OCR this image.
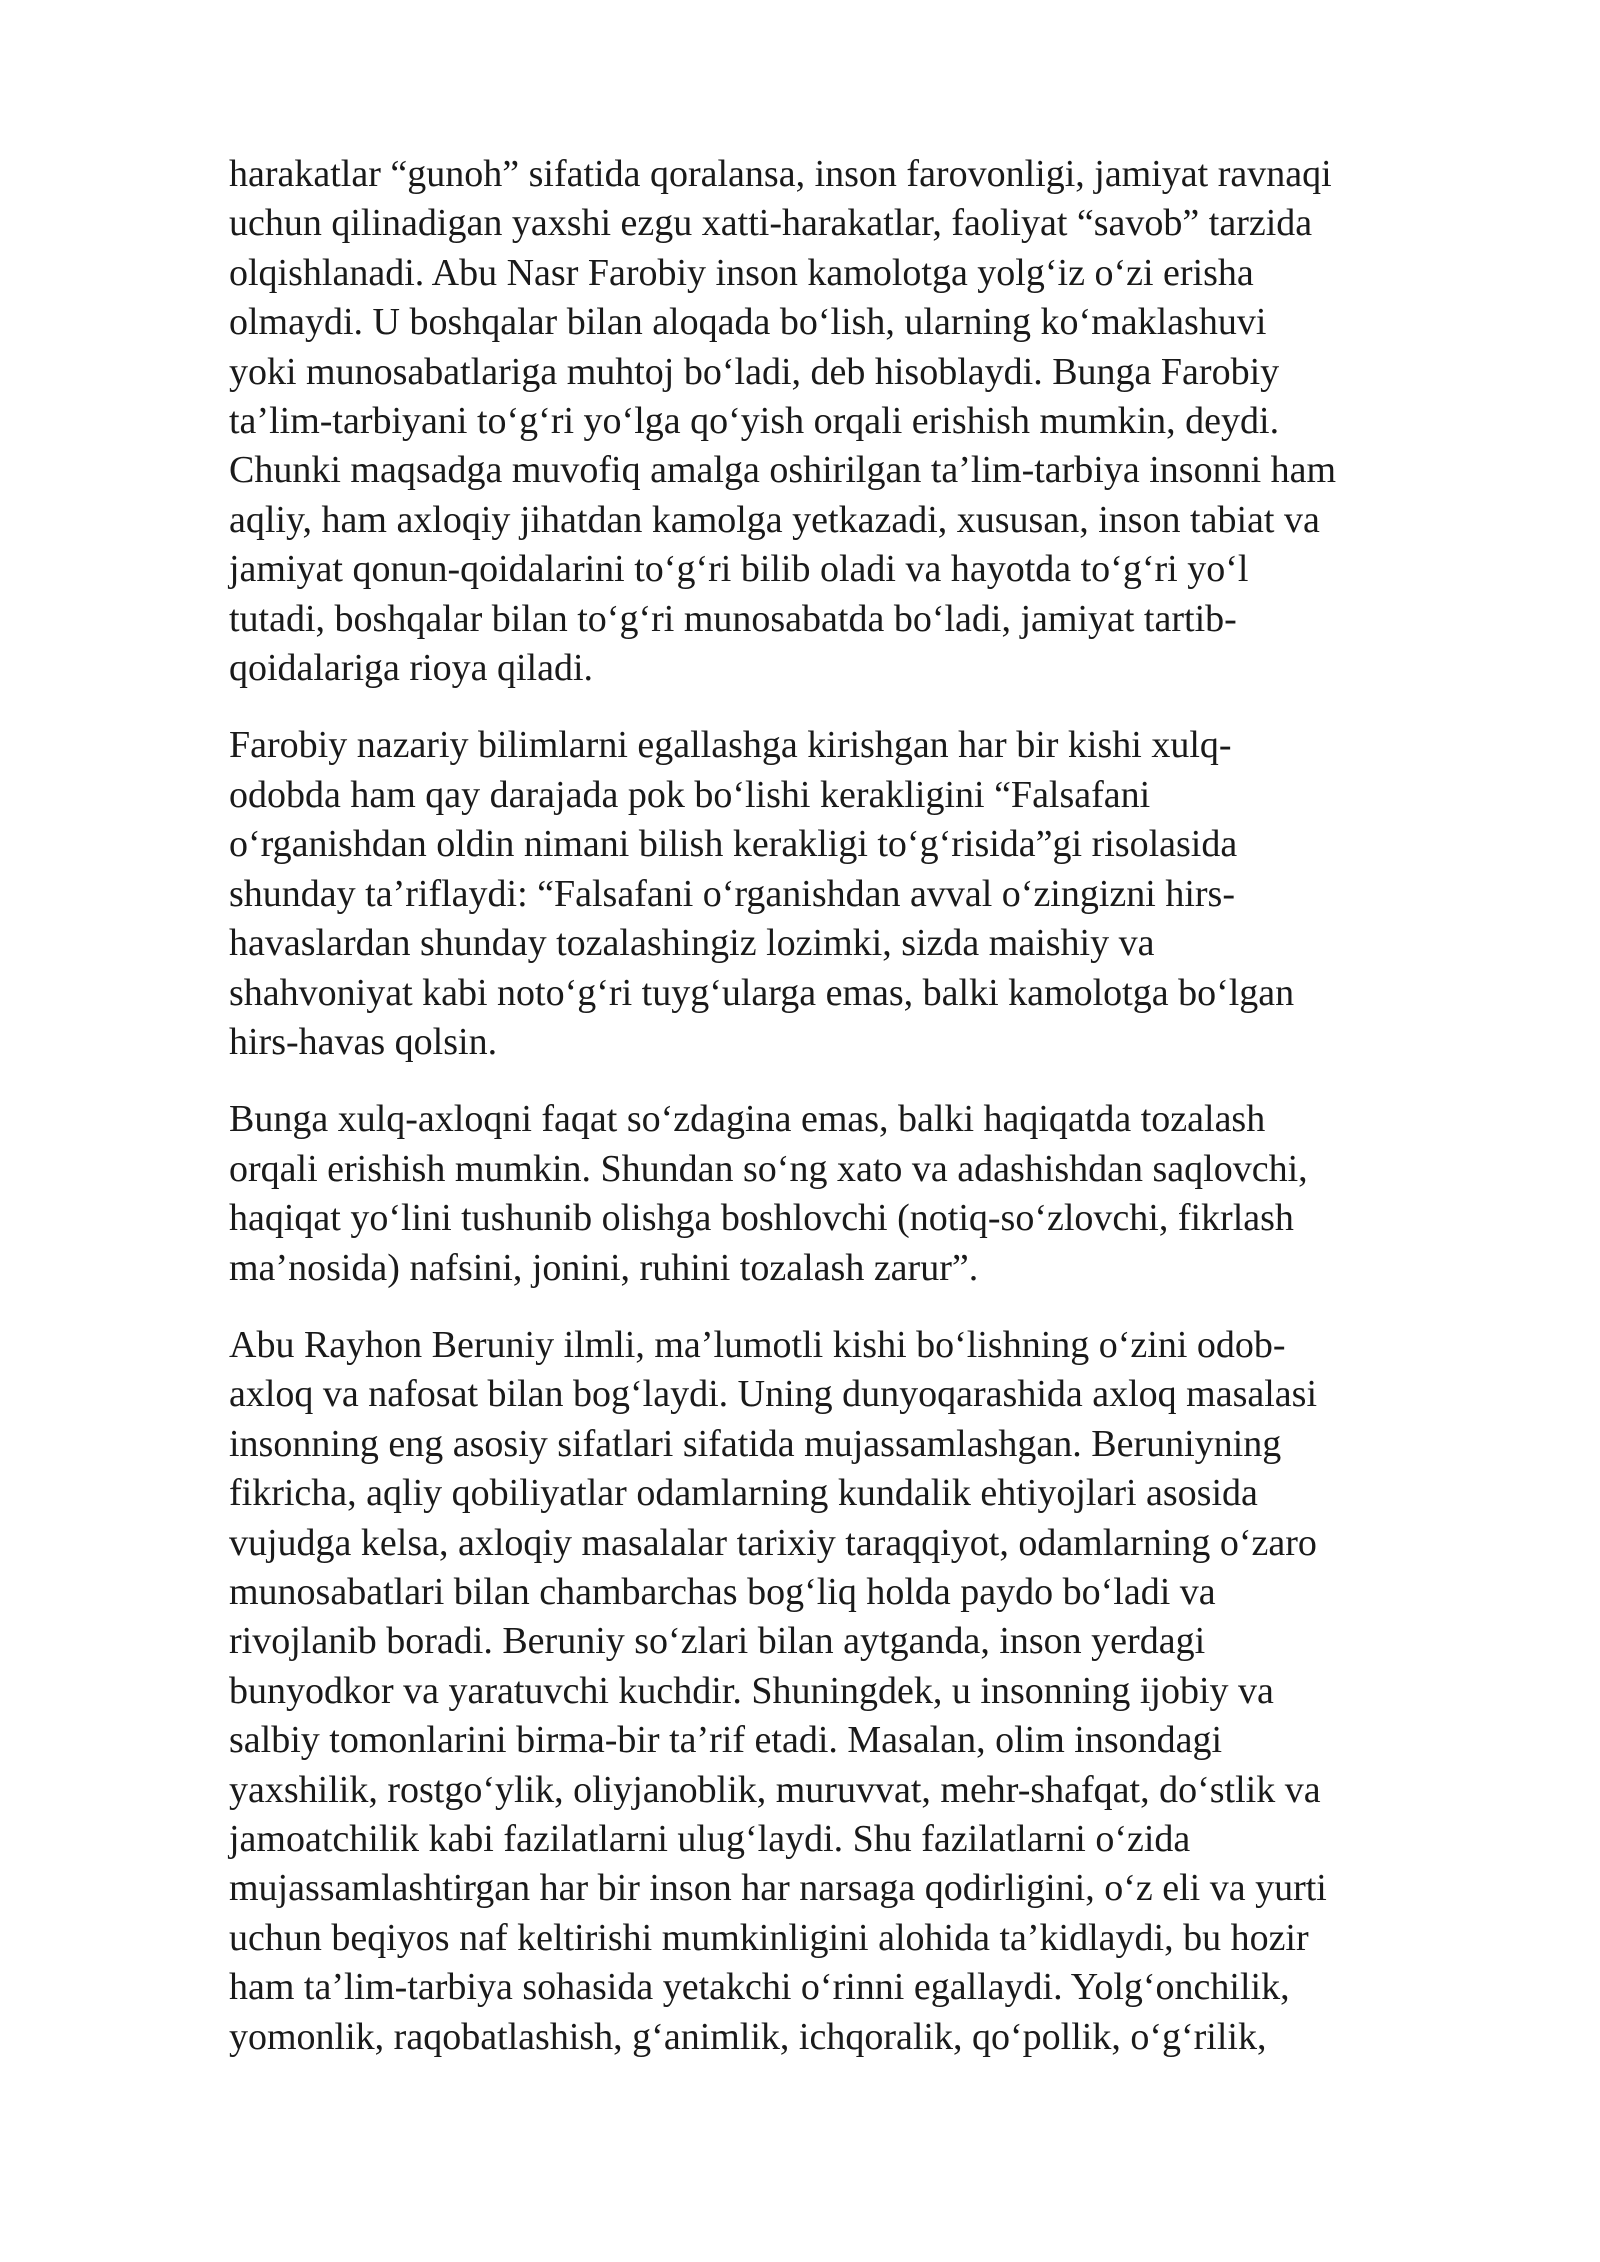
harakatlar “gunoh” sifatida qoralansa, inson farovonligi, jamiyat ravnaqi
uchun qilinadigan yaxshi ezgu xatti-harakatlar, faoliyat “savob” tarzida
olqishlanadi. Abu Nasr Farobiy inson kamolotga yolg‘iz o‘zi erisha
olmaydi. U boshqalar bilan aloqada bo‘lish, ularning ko‘maklashuvi
yoki munosabatlariga muhtoj bo‘ladi, deb hisoblaydi. Bunga Farobiy
ta’lim-tarbiyani to‘g‘ri yo‘lga qo‘yish orqali erishish mumkin, deydi.
Chunki maqsadga muvofiq amalga oshirilgan ta’lim-tarbiya insonni ham
aqliy, ham axloqiy jihatdan kamolga yetkazadi, xususan, inson tabiat va
jamiyat qonun-qoidalarini to‘g‘ri bilib oladi va hayotda to‘g‘ri yo‘l
tutadi, boshqalar bilan to‘g‘ri munosabatda bo‘ladi, jamiyat tartib-
qoidalariga rioya qiladi.

Farobiy nazariy bilimlarni egallashga kirishgan har bir kishi xulq-
odobda ham qay darajada pok bo‘lishi kerakligini “Falsafani
o‘rganishdan oldin nimani bilish kerakligi to‘g‘risida”gi risolasida
shunday ta’riflaydi: “Falsafani o‘rganishdan avval o‘zingizni hirs-
havaslardan shunday tozalashingiz lozimki, sizda maishiy va
shahvoniyat kabi noto‘g‘ri tuyg‘ularga emas, balki kamolotga bo‘lgan
hirs-havas qolsin.

Bunga xulq-axloqni faqat so‘zdagina emas, balki haqiqatda tozalash
orqali erishish mumkin. Shundan so‘ng xato va adashishdan saqlovchi,
haqiqat yo‘lini tushunib olishga boshlovchi (notiq-so‘zlovchi, fikrlash
ma’nosida) nafsini, jonini, ruhini tozalash zarur”.

Abu Rayhon Beruniy ilmli, ma’lumotli kishi bo‘lishning o‘zini odob-
axloq va nafosat bilan bog‘laydi. Uning dunyoqarashida axloq masalasi
insonning eng asosiy sifatlari sifatida mujassamlashgan. Beruniyning
fikricha, aqliy qobiliyatlar odamlarning kundalik ehtiyojlari asosida
vujudga kelsa, axloqiy masalalar tarixiy taraqqiyot, odamlarning o‘zaro
munosabatlari bilan chambarchas bog‘liq holda paydo bo‘ladi va
rivojlanib boradi. Beruniy so‘zlari bilan aytganda, inson yerdagi
bunyodkor va yaratuvchi kuchdir. Shuningdek, u insonning ijobiy va
salbiy tomonlarini birma-bir ta’rif etadi. Masalan, olim insondagi
yaxshilik, rostgo‘ylik, oliyjanoblik, muruvvat, mehr-shafqat, do‘stlik va
jamoatchilik kabi fazilatlarni ulug‘laydi. Shu fazilatlarni o‘zida
mujassamlashtirgan har bir inson har narsaga qodirligini, o‘z eli va yurti
uchun beqiyos naf keltirishi mumkinligini alohida ta’kidlaydi, bu hozir
ham ta’lim-tarbiya sohasida yetakchi o‘rinni egallaydi. Yolg‘onchilik,
yomonlik, raqobatlashish, g‘animlik, ichqoralik, qo‘pollik, o‘g‘rilik,
